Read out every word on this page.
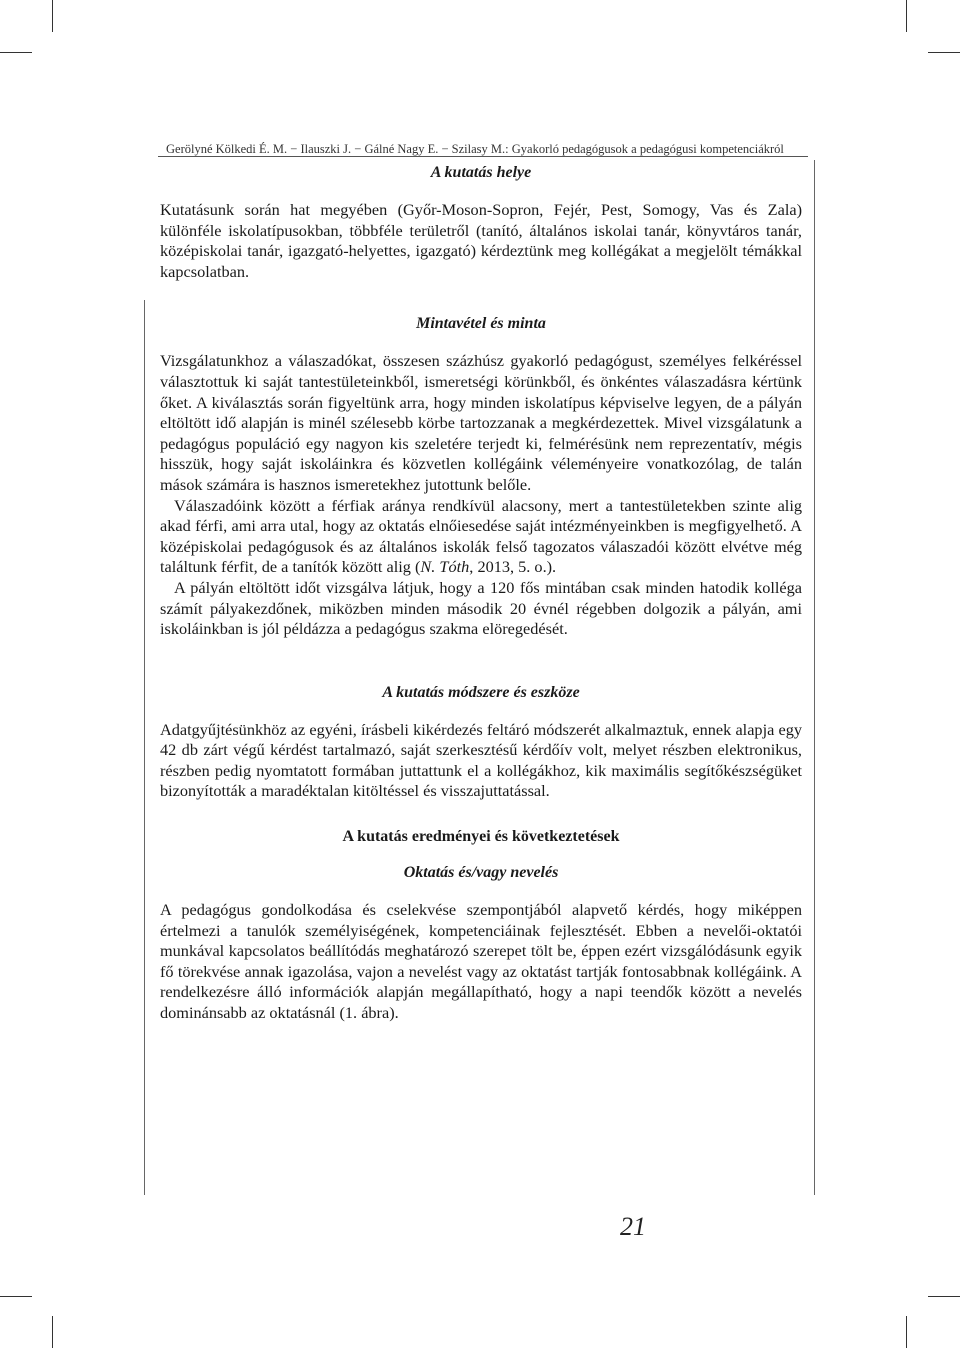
Gerölyné Kölkedi É. M. − Ilauszki J. − Gálné Nagy E. − Szilasy M.: Gyakorló pedagógusok a pedagógusi kompetenciákról
A kutatás helye

Kutatásunk során hat megyében (Győr-Moson-Sopron, Fejér, Pest, Somogy, Vas és Zala) különféle iskolatípusokban, többféle területről (tanító, általános iskolai tanár, könyvtáros tanár, középiskolai tanár, igazgató-helyettes, igazgató) kérdeztünk meg kollégákat a megjelölt témákkal kapcsolatban.

Mintavétel és minta

Vizsgálatunkhoz a válaszadókat, összesen százhúsz gyakorló pedagógust, személyes felkéréssel választottuk ki saját tantestületeinkből, ismeretségi körünkből, és önkéntes válaszadásra kértünk őket. A kiválasztás során figyeltünk arra, hogy minden iskolatípus képviselve legyen, de a pályán eltöltött idő alapján is minél szélesebb körbe tartozzanak a megkérdezettek. Mivel vizsgálatunk a pedagógus populáció egy nagyon kis szeletére terjedt ki, felmérésünk nem reprezentatív, mégis hisszük, hogy saját iskoláinkra és közvetlen kollégáink véleményeire vonatkozólag, de talán mások számára is hasznos ismeretekhez jutottunk belőle.

Válaszadóink között a férfiak aránya rendkívül alacsony, mert a tantestületekben szinte alig akad férfi, ami arra utal, hogy az oktatás elnőiesedése saját intézményeinkben is megfigyelhető. A középiskolai pedagógusok és az általános iskolák felső tagozatos válaszadói között elvétve még találtunk férfit, de a tanítók között alig (N. Tóth, 2013, 5. o.).

A pályán eltöltött időt vizsgálva látjuk, hogy a 120 fős mintában csak minden hatodik kolléga számít pályakezdőnek, miközben minden második 20 évnél régebben dolgozik a pályán, ami iskoláinkban is jól példázza a pedagógus szakma elöregedését.

A kutatás módszere és eszköze

Adatgyűjtésünkhöz az egyéni, írásbeli kikérdezés feltáró módszerét alkalmaztuk, ennek alapja egy 42 db zárt végű kérdést tartalmazó, saját szerkesztésű kérdőív volt, melyet részben elektronikus, részben pedig nyomtatott formában juttattunk el a kollégákhoz, kik maximális segítőkészségüket bizonyították a maradéktalan kitöltéssel és visszajuttatással.

A kutatás eredményei és következtetések
Oktatás és/vagy nevelés

A pedagógus gondolkodása és cselekvése szempontjából alapvető kérdés, hogy miképpen értelmezi a tanulók személyiségének, kompetenciáinak fejlesztését. Ebben a nevelői-oktatói munkával kapcsolatos beállítódás meghatározó szerepet tölt be, éppen ezért vizsgálódásunk egyik fő törekvése annak igazolása, vajon a nevelést vagy az oktatást tartják fontosabbnak kollégáink. A rendelkezésre álló információk alapján megállapítható, hogy a napi teendők között a nevelés dominánsabb az oktatásnál (1. ábra).

21
